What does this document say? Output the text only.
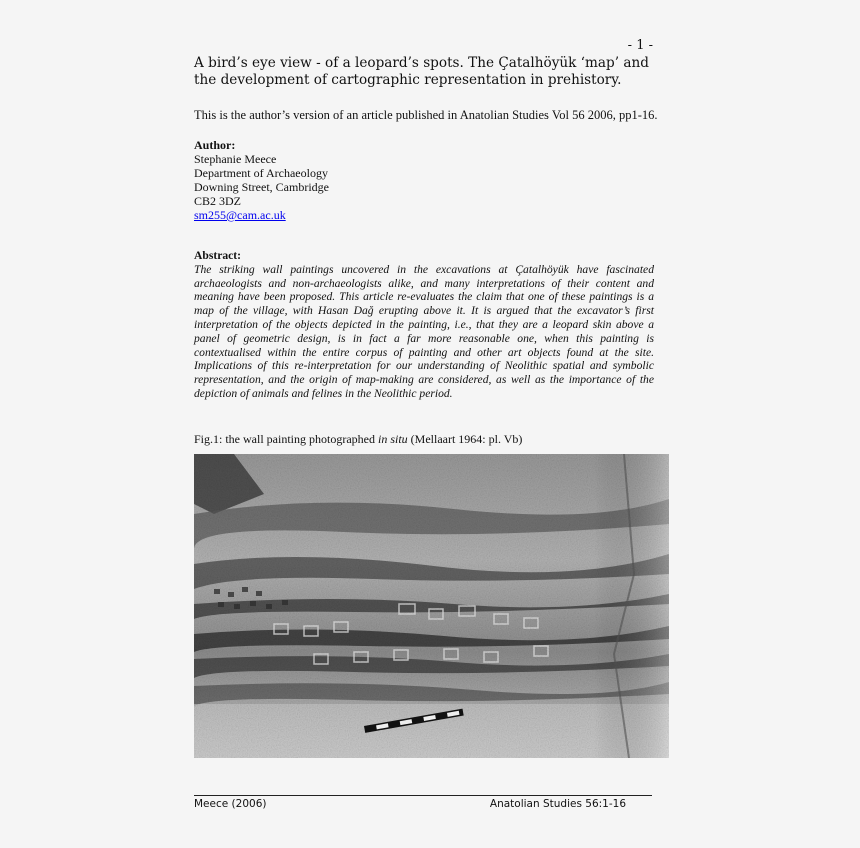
- 1 -
A bird’s eye view - of a leopard’s spots. The Çatalhöyük ‘map’ and the development of cartographic representation in prehistory.
This is the author’s version of an article published in Anatolian Studies Vol 56 2006, pp1-16.
Author:
Stephanie Meece
Department of Archaeology
Downing Street, Cambridge
CB2 3DZ
sm255@cam.ac.uk
Abstract:
The striking wall paintings uncovered in the excavations at Çatalhöyük have fascinated archaeologists and non-archaeologists alike, and many interpretations of their content and meaning have been proposed. This article re-evaluates the claim that one of these paintings is a map of the village, with Hasan Dağ erupting above it. It is argued that the excavator’s first interpretation of the objects depicted in the painting, i.e., that they are a leopard skin above a panel of geometric design, is in fact a far more reasonable one, when this painting is contextualised within the entire corpus of painting and other art objects found at the site. Implications of this re-interpretation for our understanding of Neolithic spatial and symbolic representation, and the origin of map-making are considered, as well as the importance of the depiction of animals and felines in the Neolithic period.
Fig.1: the wall painting photographed in situ (Mellaart 1964: pl. Vb)
Meece (2006)	Anatolian Studies 56:1-16
